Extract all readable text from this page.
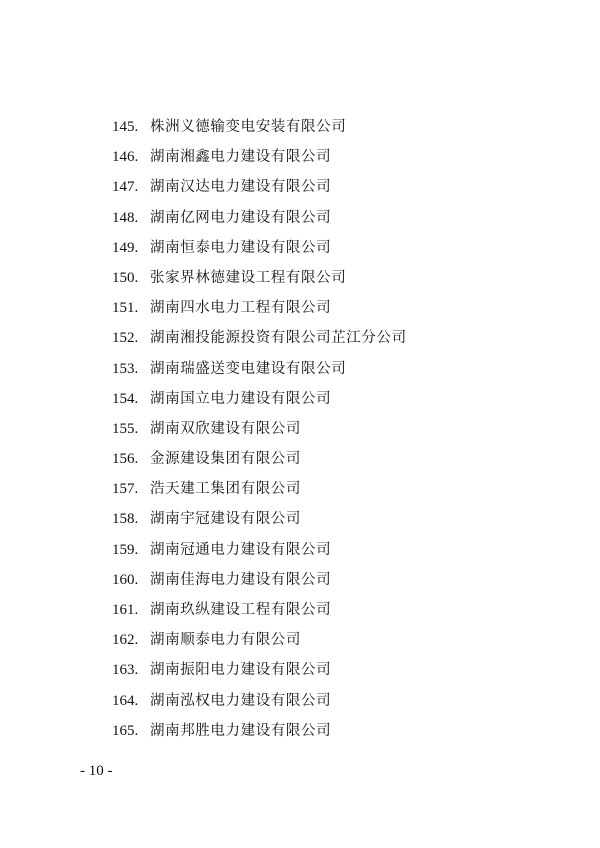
145. 株洲义德输变电安装有限公司
146. 湖南湘鑫电力建设有限公司
147. 湖南汉达电力建设有限公司
148. 湖南亿网电力建设有限公司
149. 湖南恒泰电力建设有限公司
150. 张家界林德建设工程有限公司
151. 湖南四水电力工程有限公司
152. 湖南湘投能源投资有限公司芷江分公司
153. 湖南瑞盛送变电建设有限公司
154. 湖南国立电力建设有限公司
155. 湖南双欣建设有限公司
156. 金源建设集团有限公司
157. 浩天建工集团有限公司
158. 湖南宇冠建设有限公司
159. 湖南冠通电力建设有限公司
160. 湖南佳海电力建设有限公司
161. 湖南玖纵建设工程有限公司
162. 湖南顺泰电力有限公司
163. 湖南振阳电力建设有限公司
164. 湖南泓权电力建设有限公司
165. 湖南邦胜电力建设有限公司
- 10 -
